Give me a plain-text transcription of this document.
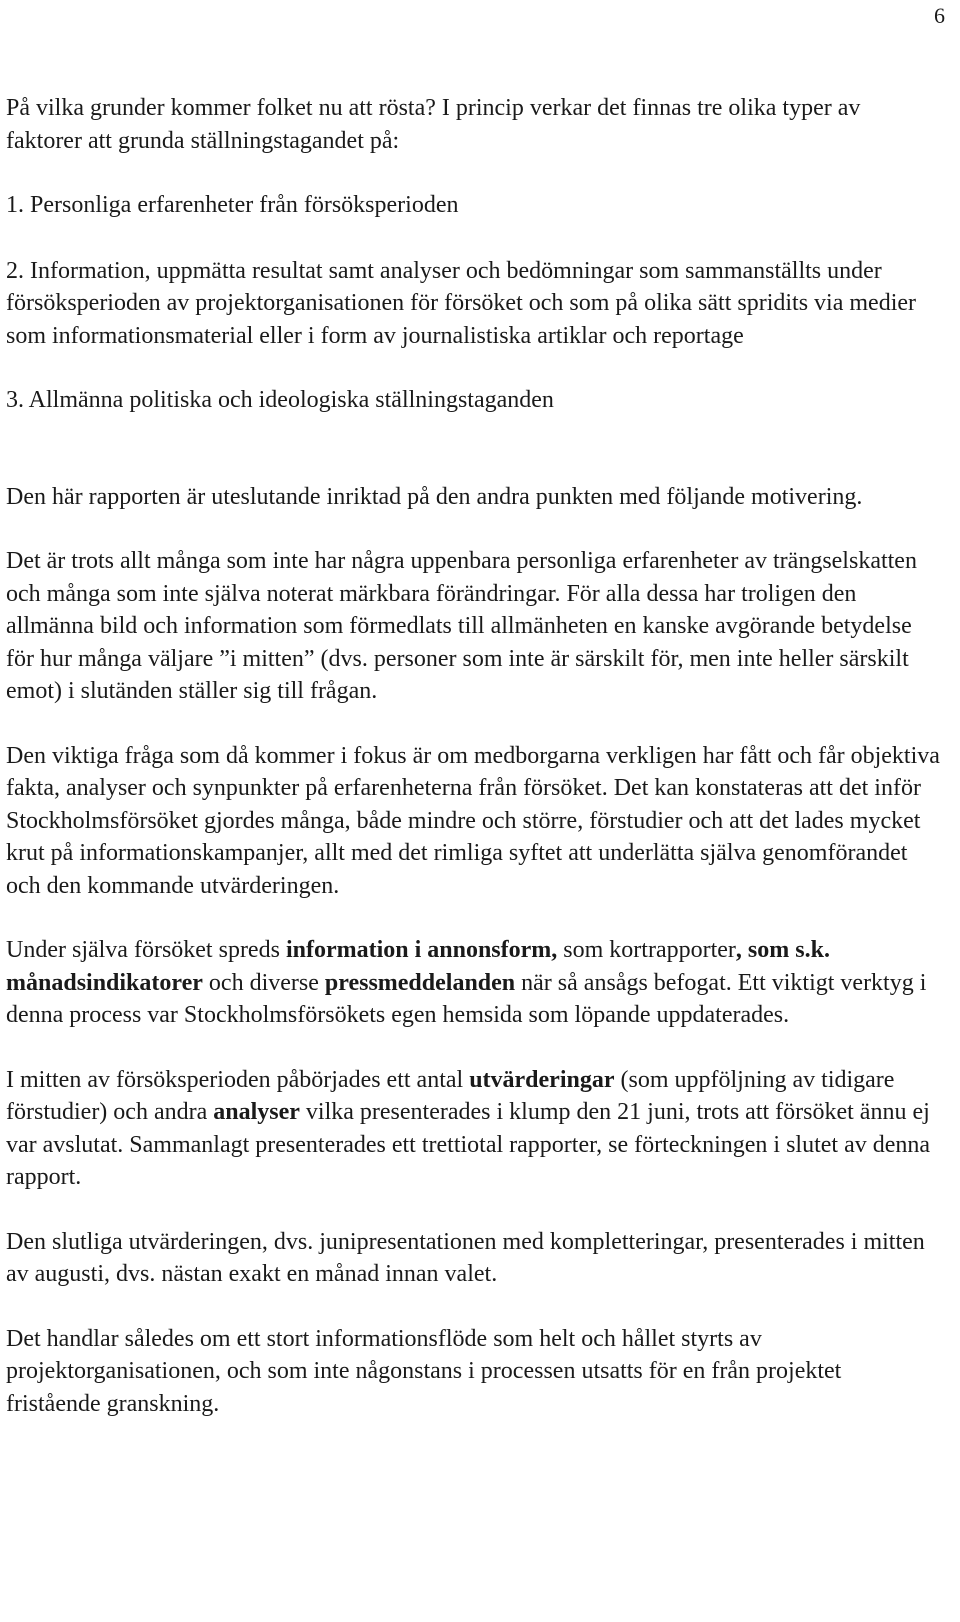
6

På vilka grunder kommer folket nu att rösta? I princip verkar det finnas tre olika typer av faktorer att grunda ställningstagandet på:

1. Personliga erfarenheter från försöksperioden

2. Information, uppmätta resultat samt analyser och bedömningar som sammanställts under försöksperioden av projektorganisationen för försöket och som på olika sätt spridits via medier som informationsmaterial eller i form av journalistiska artiklar och reportage

3. Allmänna politiska och ideologiska ställningstaganden

Den här rapporten är uteslutande inriktad på den andra punkten med följande motivering.

Det är trots allt många som inte har några uppenbara personliga erfarenheter av trängselskatten och många som inte själva noterat märkbara förändringar. För alla dessa har troligen den allmänna bild och information som förmedlats till allmänheten en kanske avgörande betydelse för hur många väljare ”i mitten” (dvs. personer som inte är särskilt för, men inte heller särskilt emot) i slutänden ställer sig till frågan.

Den viktiga fråga som då kommer i fokus är om medborgarna verkligen har fått och får objektiva fakta, analyser och synpunkter på erfarenheterna från försöket. Det kan konstateras att det inför Stockholmsförsöket gjordes många, både mindre och större, förstudier och att det lades mycket krut på informationskampanjer, allt med det rimliga syftet att underlätta själva genomförandet och den kommande utvärderingen.

Under själva försöket spreds information i annonsform, som kortrapporter, som s.k. månadsindikatorer och diverse pressmeddelanden när så ansågs befogat. Ett viktigt verktyg i denna process var Stockholmsförsökets egen hemsida som löpande uppdaterades.

I mitten av försöksperioden påbörjades ett antal utvärderingar (som uppföljning av tidigare förstudier) och andra analyser vilka presenterades i klump den 21 juni, trots att försöket ännu ej var avslutat. Sammanlagt presenterades ett trettiotal rapporter, se förteckningen i slutet av denna rapport.

Den slutliga utvärderingen, dvs. junipresentationen med kompletteringar, presenterades i mitten av augusti, dvs. nästan exakt en månad innan valet.

Det handlar således om ett stort informationsflöde som helt och hållet styrts av projektorganisationen, och som inte någonstans i processen utsatts för en från projektet fristående granskning.
